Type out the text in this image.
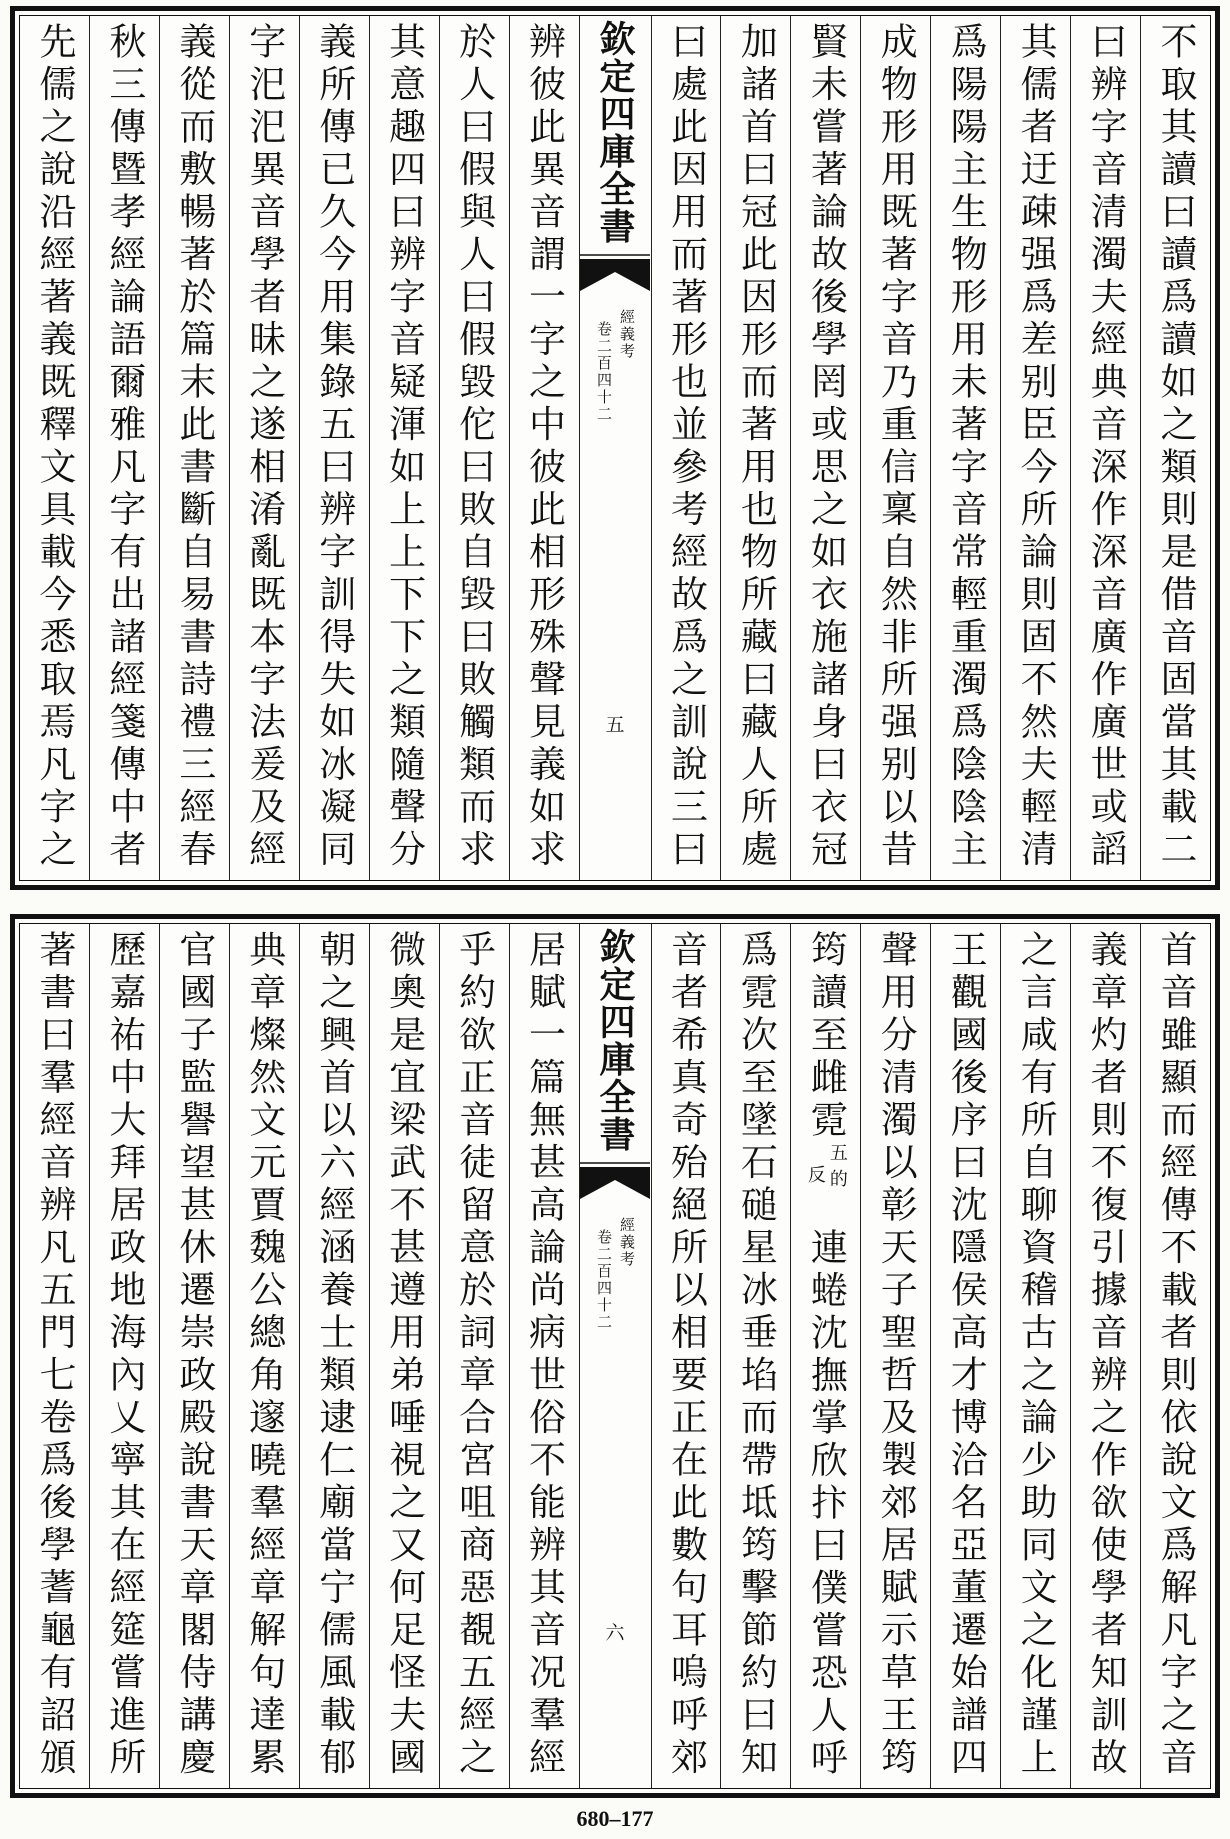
不取其讀曰讀爲讀如之類則是借音固當其載二
曰辨字音清濁夫經典音深作深音廣作廣世或謟
其儒者迂疎强爲差别臣今所論則固不然夫輕清
爲陽陽主生物形用未著字音常輕重濁爲陰陰主
成物形用既著字音乃重信稟自然非所强别以昔
賢未嘗著論故後學罔或思之如衣施諸身曰衣冠
加諸首曰冠此因形而著用也物所藏曰藏人所處
曰處此因用而著形也並參考經故爲之訓說三曰
欽定四庫全書
經義考
卷二百四十二
五
辨彼此異音謂一字之中彼此相形殊聲見義如求
於人曰假與人曰假毀佗曰敗自毀曰敗觸類而求
其意趣四曰辨字音疑渾如上上下下之類隨聲分
義所傳已久今用集錄五曰辨字訓得失如冰凝同
字汜汜異音學者昧之遂相淆亂既本字法爰及經
義從而敷暢著於篇末此書斷自易書詩禮三經春
秋三傳暨孝經論語爾雅凡字有出諸經箋傳中者
先儒之說沿經著義既釋文具載今悉取焉凡字之
首音雖顯而經傳不載者則依說文爲解凡字之音
義章灼者則不復引據音辨之作欲使學者知訓故
之言咸有所自聊資稽古之論少助同文之化謹上
王觀國後序曰沈隱侯高才博洽名亞董遷始譜四
聲用分清濁以彰天子聖哲及製郊居賦示草王筠
筠讀至雌霓
五的
反
連蜷沈撫掌欣抃曰僕嘗恐人呼
爲霓次至墜石磓星冰垂埳而帶坻筠擊節約曰知
音者希真奇殆絕所以相要正在此數句耳嗚呼郊
欽定四庫全書
經義考
卷二百四十二
六
居賦一篇無甚高論尚病世俗不能辨其音况羣經
乎約欲正音徒留意於詞章合宮咀商惡覩五經之
微奧是宜梁武不甚遵用弟唾視之又何足怪夫國
朝之興首以六經涵養士類逮仁廟當宁儒風載郁
典章燦然文元賈魏公總角邃曉羣經章解句達累
官國子監譽望甚休遷崇政殿說書天章閣侍講慶
歷嘉祐中大拜居政地海內乂寧其在經筵嘗進所
著書曰羣經音辨凡五門七卷爲後學蓍龜有詔頒
680–177
